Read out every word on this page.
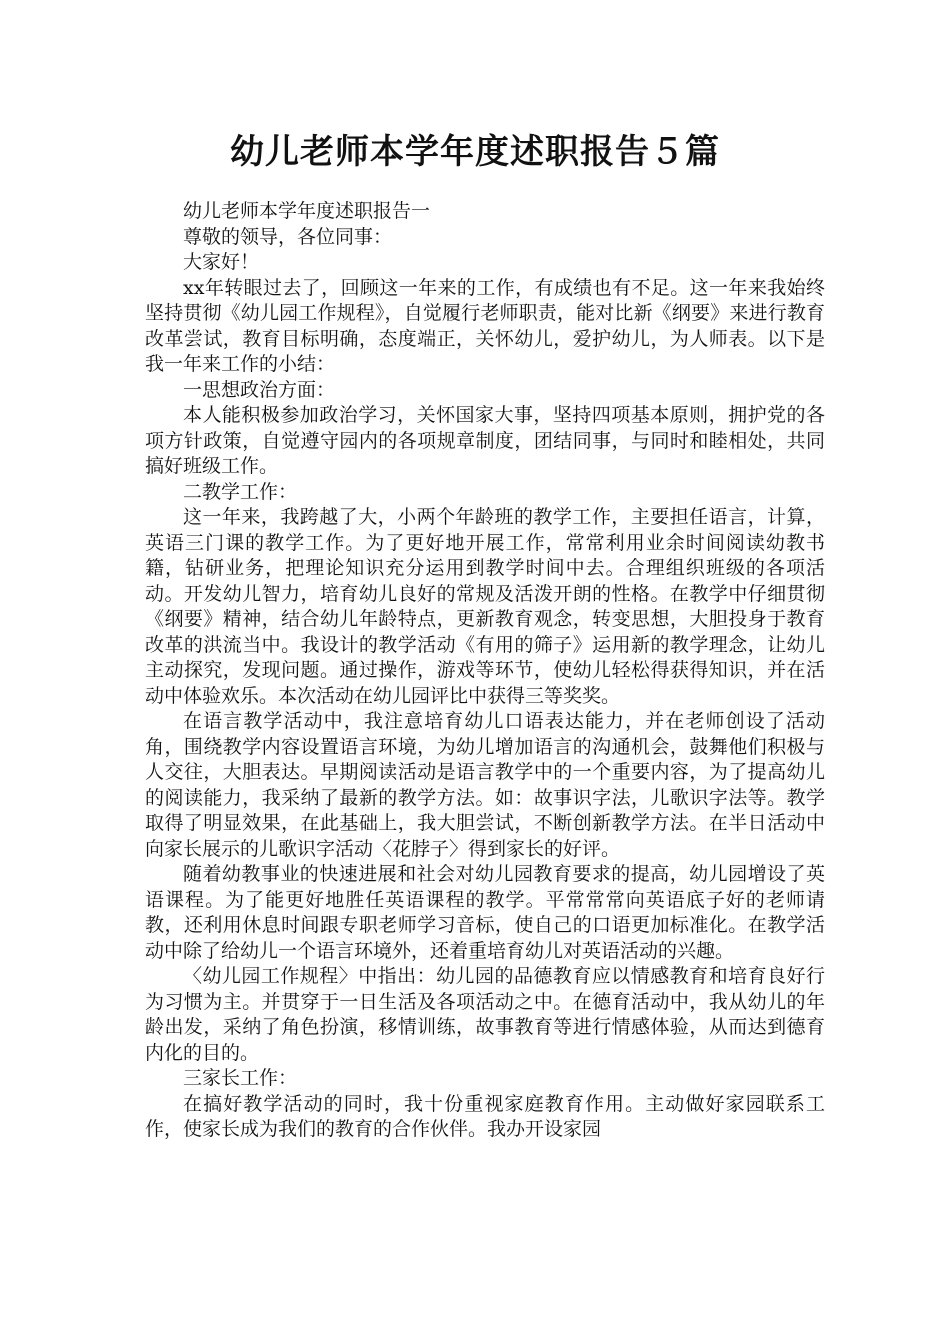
幼儿老师本学年度述职报告５篇

幼儿老师本学年度述职报告一

尊敬的领导，各位同事：

大家好！

xx年转眼过去了，回顾这一年来的工作，有成绩也有不足。这一年来我始终坚持贯彻《幼儿园工作规程》，自觉履行老师职责，能对比新《纲要》来进行教育改革尝试，教育目标明确，态度端正，关怀幼儿，爱护幼儿，为人师表。以下是我一年来工作的小结：

一思想政治方面：

本人能积极参加政治学习，关怀国家大事，坚持四项基本原则，拥护党的各项方针政策，自觉遵守园内的各项规章制度，团结同事，与同时和睦相处，共同搞好班级工作。

二教学工作：

这一年来，我跨越了大，小两个年龄班的教学工作，主要担任语言，计算，英语三门课的教学工作。为了更好地开展工作，常常利用业余时间阅读幼教书籍，钻研业务，把理论知识充分运用到教学时间中去。合理组织班级的各项活动。开发幼儿智力，培育幼儿良好的常规及活泼开朗的性格。在教学中仔细贯彻《纲要》精神，结合幼儿年龄特点，更新教育观念，转变思想，大胆投身于教育改革的洪流当中。我设计的教学活动《有用的筛子》运用新的教学理念，让幼儿主动探究，发现问题。通过操作，游戏等环节，使幼儿轻松得获得知识，并在活动中体验欢乐。本次活动在幼儿园评比中获得三等奖奖。

在语言教学活动中，我注意培育幼儿口语表达能力，并在老师创设了活动角，围绕教学内容设置语言环境，为幼儿增加语言的沟通机会，鼓舞他们积极与人交往，大胆表达。早期阅读活动是语言教学中的一个重要内容，为了提高幼儿的阅读能力，我采纳了最新的教学方法。如：故事识字法，儿歌识字法等。教学取得了明显效果，在此基础上，我大胆尝试，不断创新教学方法。在半日活动中向家长展示的儿歌识字活动〈花脖子〉得到家长的好评。

随着幼教事业的快速进展和社会对幼儿园教育要求的提高，幼儿园增设了英语课程。为了能更好地胜任英语课程的教学。平常常常向英语底子好的老师请教，还利用休息时间跟专职老师学习音标，使自己的口语更加标准化。在教学活动中除了给幼儿一个语言环境外，还着重培育幼儿对英语活动的兴趣。

〈幼儿园工作规程〉中指出：幼儿园的品德教育应以情感教育和培育良好行为习惯为主。并贯穿于一日生活及各项活动之中。在德育活动中，我从幼儿的年龄出发，采纳了角色扮演，移情训练，故事教育等进行情感体验，从而达到德育内化的目的。

三家长工作：

在搞好教学活动的同时，我十份重视家庭教育作用。主动做好家园联系工作，使家长成为我们的教育的合作伙伴。我办开设家园
